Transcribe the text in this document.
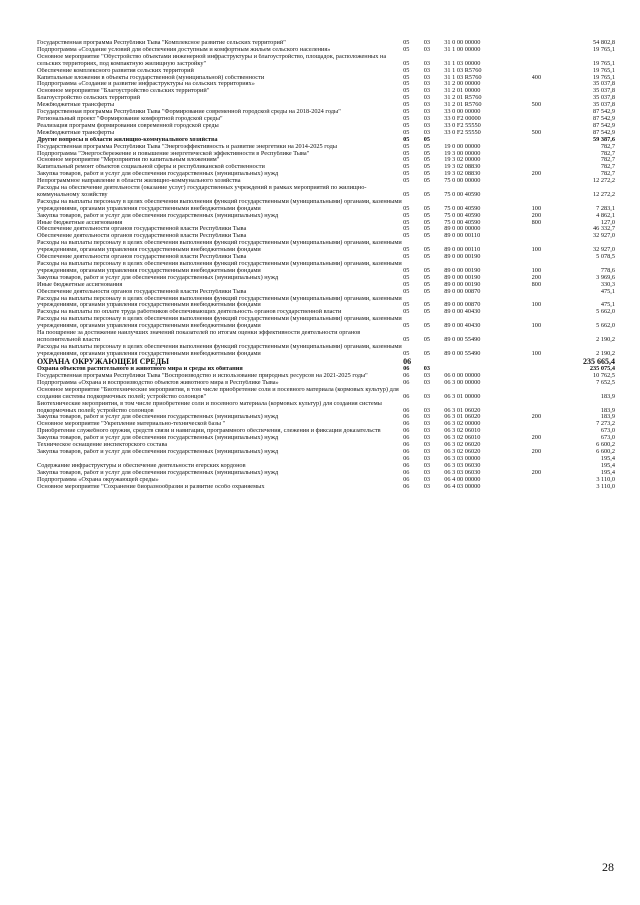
Государственная программа Республики Тыва "Комплексное развитие сельских территорий"	05	03	31 0 00 00000		54 802,8
Подпрограмма «Создание условий для обеспечения доступным и комфортным жильем сельского населения»	05	03	31 1 00 00000		19 765,1
Основное мероприятие "Обустройство объектами инженерной инфраструктуры и благоустройство, площадок, расположенных на сельских территориях, под компактную жилищную застройку"	05	03	31 1 03 00000		19 765,1
Обеспечение комплексного развития сельских территорий	05	03	31 1 03 R5760		19 765,1
Капитальные вложения в объекты государственной (муниципальной) собственности	05	03	31 1 03 R5760	400	19 765,1
Подпрограмма «Создание и развитие инфраструктуры на сельских территориях»	05	03	31 2 00 00000		35 037,8
Основное мероприятие "Благоустройство сельских территорий"	05	03	31 2 01 00000		35 037,8
Благоустройство сельских территорий	05	03	31 2 01 R5760		35 037,8
Межбюджетные трансферты	05	03	31 2 01 R5760	500	35 037,8
Государственная программа Республики Тыва "Формирование современной городской среды на 2018-2024 годы"	05	03	33 0 00 00000		87 542,9
Региональный проект "Формирование комфортной городской среды"	05	03	33 0 F2 00000		87 542,9
Реализация программ формирования современной городской среды	05	03	33 0 F2 55550		87 542,9
Межбюджетные трансферты	05	03	33 0 F2 55550	500	87 542,9
Другие вопросы в области жилищно-коммунального хозяйства	05	05			59 387,6
Государственная программа Республики Тыва "Энергоэффективность и развитие энергетики на 2014-2025 годы	05	05	19 0 00 00000		782,7
Подпрограмма "Энергосбережение и повышение энергетической эффективности в Республике Тыва"	05	05	19 3 00 00000		782,7
Основное мероприятие "Мероприятия по капитальным вложениям"	05	05	19 3 02 00000		782,7
Капитальный ремонт объектов социальной сферы и республиканской собственности	05	05	19 3 02 08830		782,7
Закупка товаров, работ и услуг для обеспечения государственных (муниципальных) нужд	05	05	19 3 02 08830	200	782,7
Непрограммное направление в области жилищно-коммунального хозяйства	05	05	75 0 00 00000		12 272,2
Расходы на обеспечение деятельности (оказание услуг) государственных учреждений в рамках мероприятий по жилищно-коммунальному хозяйству	05	05	75 0 00 40590		12 272,2
Расходы на выплаты персоналу в целях обеспечения выполнения функций государственными (муниципальными) органами, казенными учреждениями, органами управления государственными внебюджетными фондами	05	05	75 0 00 40590	100	7 283,1
Закупка товаров, работ и услуг для обеспечения государственных (муниципальных) нужд	05	05	75 0 00 40590	200	4 862,1
Иные бюджетные ассигнования	05	05	75 0 00 40590	800	127,0
Обеспечение деятельности органов государственной власти Республики Тыва	05	05	89 0 00 00000		46 332,7
Обеспечение деятельности органов государственной власти Республики Тыва	05	05	89 0 00 00110		32 927,0
Расходы на выплаты персоналу в целях обеспечения выполнения функций государственными (муниципальными) органами, казенными учреждениями, органами управления государственными внебюджетными фондами	05	05	89 0 00 00110	100	32 927,0
Обеспечение деятельности органов государственной власти Республики Тыва	05	05	89 0 00 00190		5 078,5
Расходы на выплаты персоналу в целях обеспечения выполнения функций государственными (муниципальными) органами, казенными учреждениями, органами управления государственными внебюджетными фондами	05	05	89 0 00 00190	100	778,6
Закупка товаров, работ и услуг для обеспечения государственных (муниципальных) нужд	05	05	89 0 00 00190	200	3 969,6
Иные бюджетные ассигнования	05	05	89 0 00 00190	800	330,3
Обеспечение деятельности органов государственной власти Республики Тыва	05	05	89 0 00 00870		475,1
Расходы на выплаты персоналу в целях обеспечения выполнения функций государственными (муниципальными) органами, казенными учреждениями, органами управления государственными внебюджетными фондами	05	05	89 0 00 00870	100	475,1
Расходы на выплаты по оплате труда работников обеспечивающих деятельность органов государственной власти	05	05	89 0 00 40430		5 662,0
Расходы на выплаты персоналу в целях обеспечения выполнения функций государственными (муниципальными) органами, казенными учреждениями, органами управления государственными внебюджетными фондами	05	05	89 0 00 40430	100	5 662,0
На поощрение за достижение наилучших значений показателей по итогам оценки эффективности деятельности органов исполнительной власти	05	05	89 0 00 55490		2 190,2
Расходы на выплаты персоналу в целях обеспечения выполнения функций государственными (муниципальными) органами, казенными учреждениями, органами управления государственными внебюджетными фондами	05	05	89 0 00 55490	100	2 190,2
ОХРАНА ОКРУЖАЮЩЕЙ СРЕДЫ	06				235 665,4
Охрана объектов растительного и животного мира и среды их обитания	06	03			235 075,4
Государственная программа Республики Тыва "Воспроизводство и использование природных ресурсов на 2021-2025 годы"	06	03	06 0 00 00000		10 762,5
Подпрограмма «Охрана и воспроизводство объектов животного мира в Республике Тыва»	06	03	06 3 00 00000		7 652,5
Основное мероприятие "Биотехнические мероприятия, в том числе приобретение соли и посевного материала (кормовых культур) для создания системы подкормочных полей; устройство солонцов"	06	03	06 3 01 00000		183,9
Биотехнические мероприятия, в том числе приобретение соли и посевного материала (кормовых культур) для создания системы подкормочных полей; устройство солонцов	06	03	06 3 01 06020		183,9
Закупка товаров, работ и услуг для обеспечения государственных (муниципальных) нужд	06	03	06 3 01 06020	200	183,9
Основное мероприятие "Укрепление материально-технической базы "	06	03	06 3 02 00000		7 273,2
Приобретение служебного оружия, средств связи и навигации, программного обеспечения, слежения и фиксации доказательств	06	03	06 3 02 06010		673,0
Закупка товаров, работ и услуг для обеспечения государственных (муниципальных) нужд	06	03	06 3 02 06010	200	673,0
Техническое оснащение инспекторского состава	06	03	06 3 02 06020		6 600,2
Закупка товаров, работ и услуг для обеспечения государственных (муниципальных) нужд	06	03	06 3 02 06020	200	6 600,2
	06	03	06 3 03 00000		195,4
Содержание инфраструктуры и обеспечение деятельности егерских кордонов	06	03	06 3 03 06030		195,4
Закупка товаров, работ и услуг для обеспечения государственных (муниципальных) нужд	06	03	06 3 03 06030	200	195,4
Подпрограмма «Охрана окружающей среды»	06	03	06 4 00 00000		3 110,0
Основное мероприятие "Сохранение биоразнообразия и развитие особо охраняемых	06	03	06 4 03 00000		3 110,0
28
